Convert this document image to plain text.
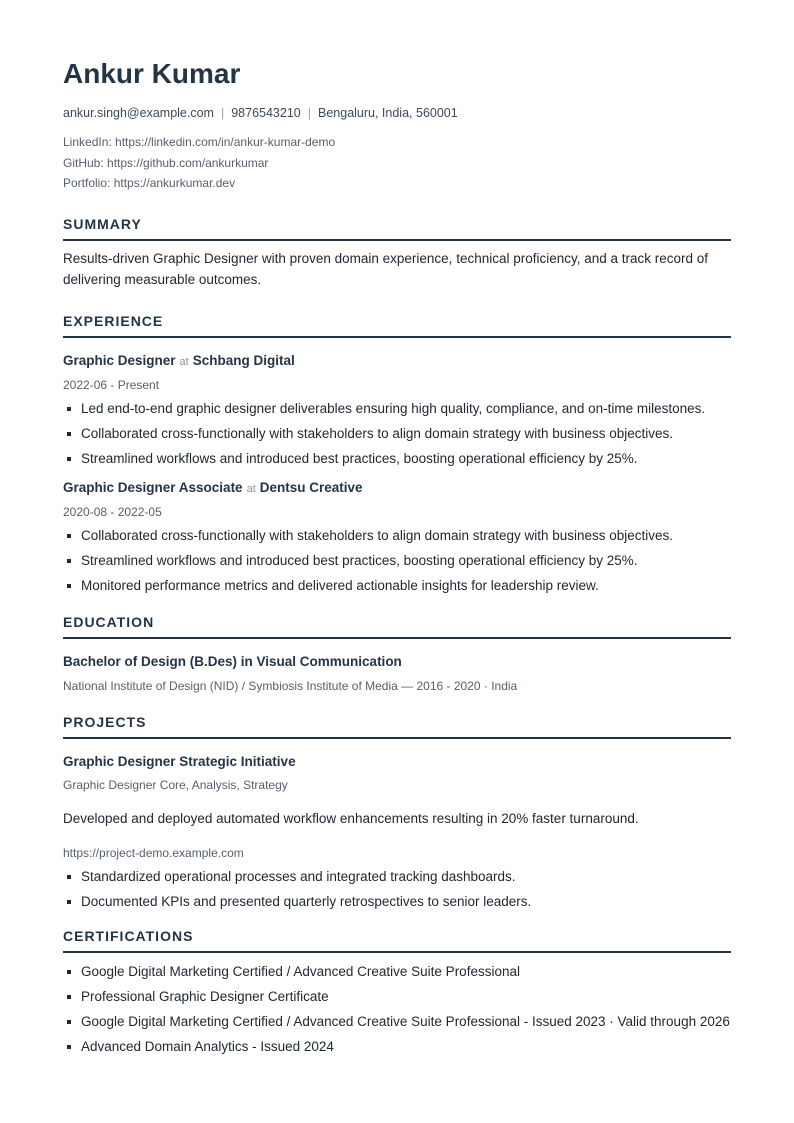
Ankur Kumar
ankur.singh@example.com | 9876543210 | Bengaluru, India, 560001
LinkedIn: https://linkedin.com/in/ankur-kumar-demo
GitHub: https://github.com/ankurkumar
Portfolio: https://ankurkumar.dev
SUMMARY
Results-driven Graphic Designer with proven domain experience, technical proficiency, and a track record of delivering measurable outcomes.
EXPERIENCE
Graphic Designer at Schbang Digital
2022-06 - Present
Led end-to-end graphic designer deliverables ensuring high quality, compliance, and on-time milestones.
Collaborated cross-functionally with stakeholders to align domain strategy with business objectives.
Streamlined workflows and introduced best practices, boosting operational efficiency by 25%.
Graphic Designer Associate at Dentsu Creative
2020-08 - 2022-05
Collaborated cross-functionally with stakeholders to align domain strategy with business objectives.
Streamlined workflows and introduced best practices, boosting operational efficiency by 25%.
Monitored performance metrics and delivered actionable insights for leadership review.
EDUCATION
Bachelor of Design (B.Des) in Visual Communication
National Institute of Design (NID) / Symbiosis Institute of Media — 2016 - 2020 · India
PROJECTS
Graphic Designer Strategic Initiative
Graphic Designer Core, Analysis, Strategy
Developed and deployed automated workflow enhancements resulting in 20% faster turnaround.
https://project-demo.example.com
Standardized operational processes and integrated tracking dashboards.
Documented KPIs and presented quarterly retrospectives to senior leaders.
CERTIFICATIONS
Google Digital Marketing Certified / Advanced Creative Suite Professional
Professional Graphic Designer Certificate
Google Digital Marketing Certified / Advanced Creative Suite Professional - Issued 2023 · Valid through 2026
Advanced Domain Analytics - Issued 2024
